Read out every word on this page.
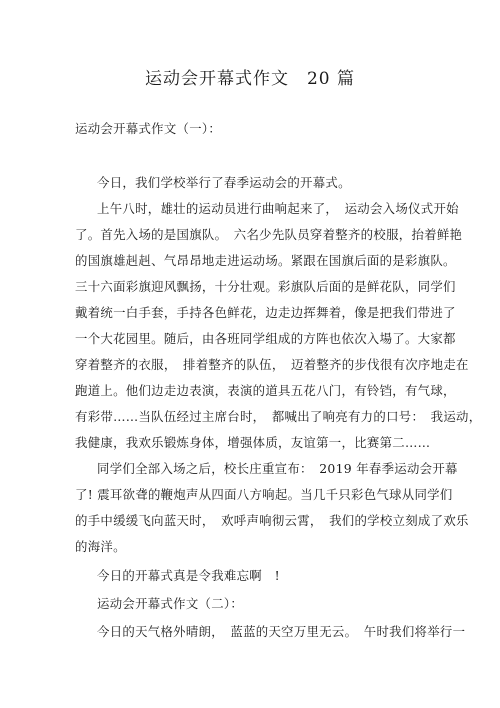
运动会开幕式作文　20 篇
运动会开幕式作文（一）：
今日，我们学校举行了春季运动会的开幕式。
上午八时，雄壮的运动员进行曲响起来了，　运动会入场仪式开始
了。首先入场的是国旗队。　六名少先队员穿着整齐的校服，抬着鲜艳
的国旗雄赳赳、气昂昂地走进运动场。紧跟在国旗后面的是彩旗队。
三十六面彩旗迎风飘扬，十分壮观。彩旗队后面的是鲜花队，同学们
戴着统一白手套，手持各色鲜花，边走边挥舞着，像是把我们带进了
一个大花园里。随后，由各班同学组成的方阵也依次入場了。大家都
穿着整齐的衣服，　排着整齐的队伍，　迈着整齐的步伐很有次序地走在
跑道上。他们边走边表演，表演的道具五花八门，有铃铛，有气球，
有彩带……当队伍经过主席台时，　都喊出了响亮有力的口号：　我运动，
我健康，我欢乐锻炼身体，增强体质，友谊第一，比赛第二……
同学们全部入场之后，校长庄重宣布：　2019 年春季运动会开幕
了! 震耳欲聋的鞭炮声从四面八方响起。当几千只彩色气球从同学们
的手中缓缓飞向蓝天时，　欢呼声响彻云霄，　我们的学校立刻成了欢乐
的海洋。
今日的开幕式真是令我难忘啊　!
运动会开幕式作文（二）：
今日的天气格外晴朗，　蓝蓝的天空万里无云。　午时我们将举行一
